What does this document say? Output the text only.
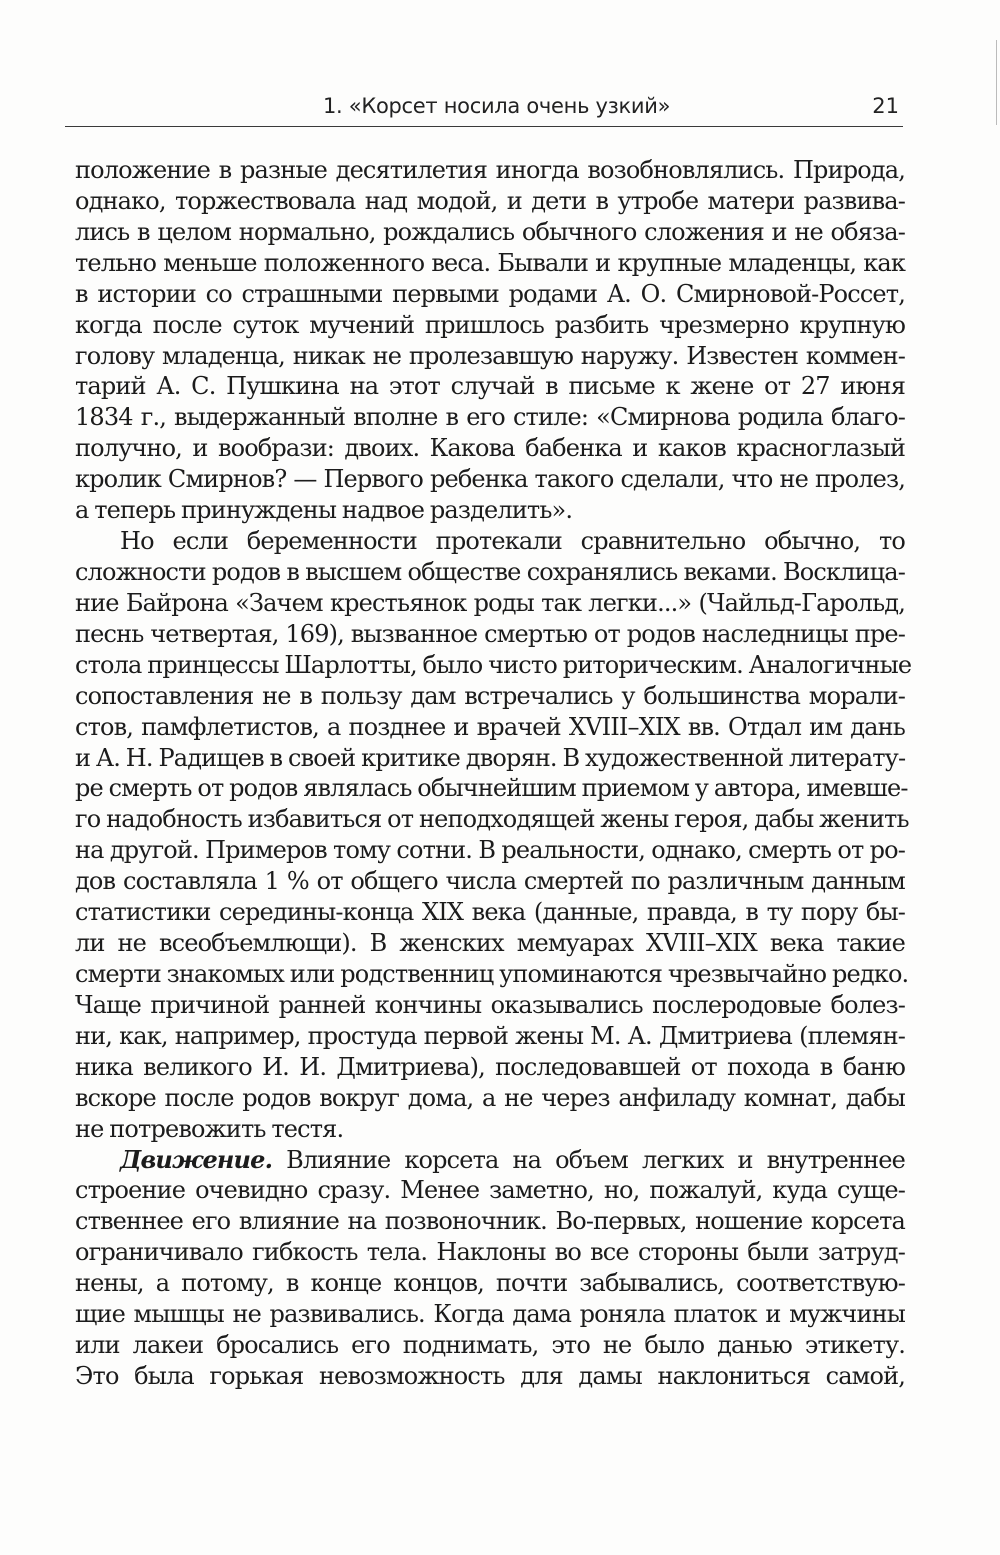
1. «Корсет носила очень узкий»	21
положение в разные десятилетия иногда возобновлялись. Природа,
однако, торжествовала над модой, и дети в утробе матери развива-
лись в целом нормально, рождались обычного сложения и не обяза-
тельно меньше положенного веса. Бывали и крупные младенцы, как
в истории со страшными первыми родами А. О. Смирновой-Россет,
когда после суток мучений пришлось разбить чрезмерно крупную
голову младенца, никак не пролезавшую наружу. Известен коммен-
тарий А. С. Пушкина на этот случай в письме к жене от 27 июня
1834 г., выдержанный вполне в его стиле: «Смирнова родила благо-
получно, и вообрази: двоих. Какова бабенка и каков красноглазый
кролик Смирнов? — Первого ребенка такого сделали, что не пролез,
а теперь принуждены надвое разделить».
Но если беременности протекали сравнительно обычно, то
сложности родов в высшем обществе сохранялись веками. Восклица-
ние Байрона «Зачем крестьянок роды так легки...» (Чайльд-Гарольд,
песнь четвертая, 169), вызванное смертью от родов наследницы пре-
стола принцессы Шарлотты, было чисто риторическим. Аналогичные
сопоставления не в пользу дам встречались у большинства морали-
стов, памфлетистов, а позднее и врачей XVIII–XIX вв. Отдал им дань
и А. Н. Радищев в своей критике дворян. В художественной литерату-
ре смерть от родов являлась обычнейшим приемом у автора, имевше-
го надобность избавиться от неподходящей жены героя, дабы женить
на другой. Примеров тому сотни. В реальности, однако, смерть от ро-
дов составляла 1 % от общего числа смертей по различным данным
статистики середины-конца XIX века (данные, правда, в ту пору бы-
ли не всеобъемлющи). В женских мемуарах XVIII–XIX века такие
смерти знакомых или родственниц упоминаются чрезвычайно редко.
Чаще причиной ранней кончины оказывались послеродовые болез-
ни, как, например, простуда первой жены М. А. Дмитриева (племян-
ника великого И. И. Дмитриева), последовавшей от похода в баню
вскоре после родов вокруг дома, а не через анфиладу комнат, дабы
не потревожить тестя.
Движение. Влияние корсета на объем легких и внутреннее
строение очевидно сразу. Менее заметно, но, пожалуй, куда суще-
ственнее его влияние на позвоночник. Во-первых, ношение корсета
ограничивало гибкость тела. Наклоны во все стороны были затруд-
нены, а потому, в конце концов, почти забывались, соответствую-
щие мышцы не развивались. Когда дама роняла платок и мужчины
или лакеи бросались его поднимать, это не было данью этикету.
Это была горькая невозможность для дамы наклониться самой,
